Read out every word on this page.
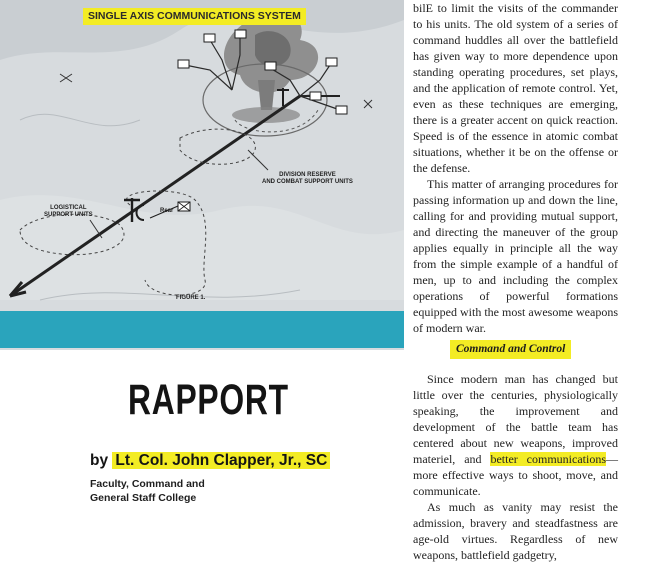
SINGLE AXIS COMMUNICATIONS SYSTEM
DIVISION RESERVE
AND COMBAT SUPPORT UNITS
LOGISTICAL
SUPPORT UNITS
Rear
FIGURE 1.

bilE to limit the visits of the commander to his units. The old system of a series of command huddles all over the battlefield has given way to more dependence upon standing operating procedures, set plays, and the application of remote control. Yet, even as these techniques are emerging, there is a greater accent on quick reaction. Speed is of the essence in atomic combat situations, whether it be on the offense or the defense.

This matter of arranging procedures for passing information up and down the line, calling for and providing mutual support, and directing the maneuver of the group applies equally in principle all the way from the simple example of a handful of men, up to and including the complex operations of powerful formations equipped with the most awesome weapons of modern war.

Command and Control

Since modern man has changed but little over the centuries, physiologically speaking, the improvement and development of the battle team has centered about new weapons, improved materiel, and better communications—more effective ways to shoot, move, and communicate.

As much as vanity may resist the admission, bravery and steadfastness are age-old virtues. Regardless of new weapons, battlefield gadgetry,

RAPPORT
by Lt. Col. John Clapper, Jr., SC
Faculty, Command and
General Staff College
